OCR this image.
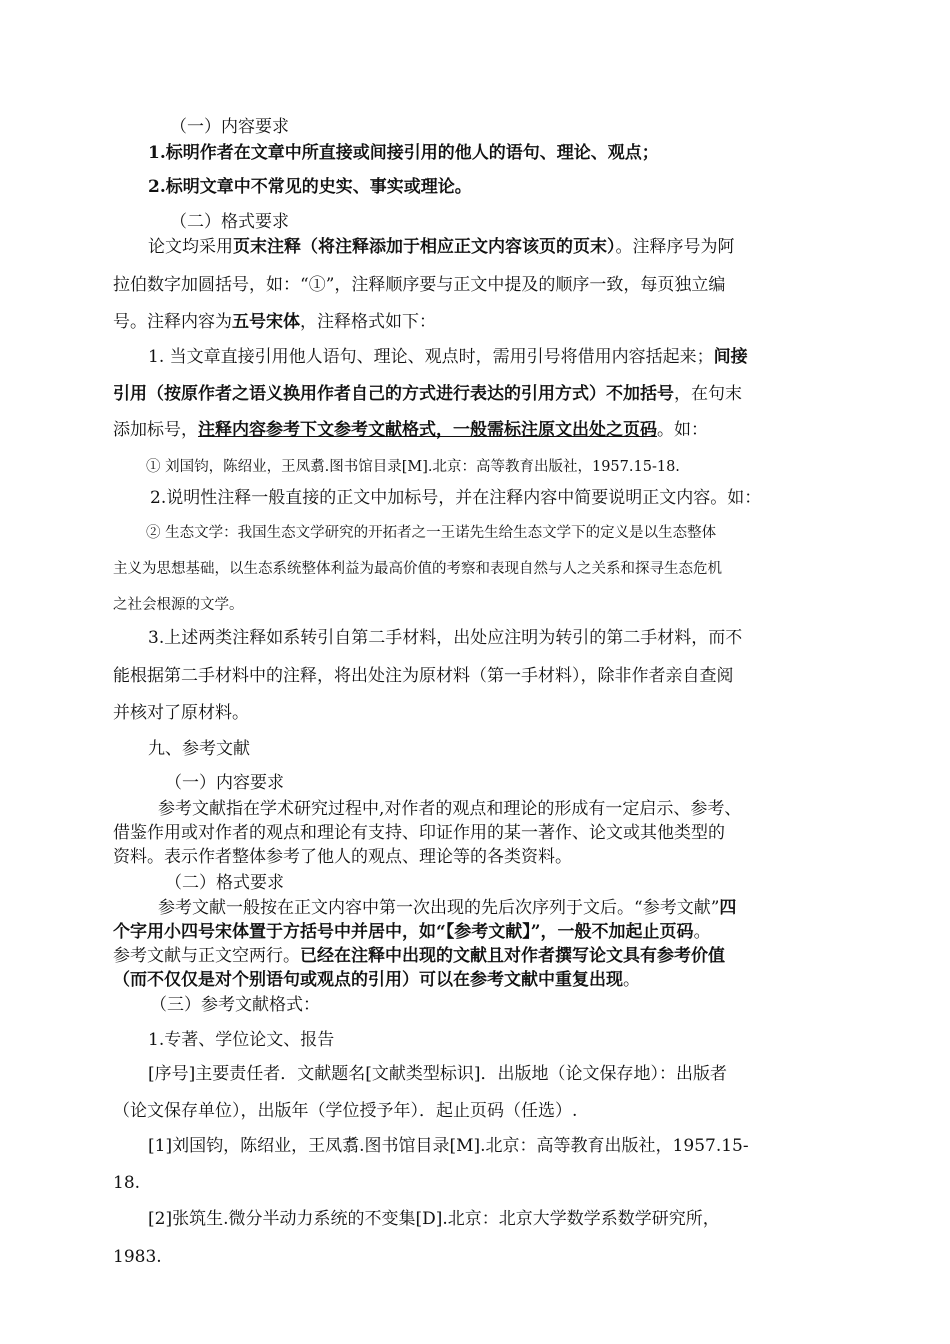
（一）内容要求
1.标明作者在文章中所直接或间接引用的他人的语句、理论、观点；
2.标明文章中不常见的史实、事实或理论。
（二）格式要求
论文均采用页末注释（将注释添加于相应正文内容该页的页末）。注释序号为阿
拉伯数字加圆括号，如：“①”，注释顺序要与正文中提及的顺序一致，每页独立编
号。注释内容为五号宋体，注释格式如下：
1. 当文章直接引用他人语句、理论、观点时，需用引号将借用内容括起来；间接
引用（按原作者之语义换用作者自己的方式进行表达的引用方式）不加括号，在句末
添加标号，注释内容参考下文参考文献格式，一般需标注原文出处之页码。如：
① 刘国钧，陈绍业，王凤翥.图书馆目录[M].北京：高等教育出版社，1957.15-18.
2.说明性注释一般直接的正文中加标号，并在注释内容中简要说明正文内容。如：
② 生态文学：我国生态文学研究的开拓者之一王诺先生给生态文学下的定义是以生态整体
主义为思想基础，以生态系统整体利益为最高价值的考察和表现自然与人之关系和探寻生态危机
之社会根源的文学。
3.上述两类注释如系转引自第二手材料，出处应注明为转引的第二手材料，而不
能根据第二手材料中的注释，将出处注为原材料（第一手材料），除非作者亲自查阅
并核对了原材料。
九、参考文献
（一）内容要求
参考文献指在学术研究过程中,对作者的观点和理论的形成有一定启示、参考、
借鉴作用或对作者的观点和理论有支持、印证作用的某一著作、论文或其他类型的
资料。表示作者整体参考了他人的观点、理论等的各类资料。
（二）格式要求
参考文献一般按在正文内容中第一次出现的先后次序列于文后。“参考文献”四
个字用小四号宋体置于方括号中并居中，如“【参考文献】”，一般不加起止页码。
参考文献与正文空两行。已经在注释中出现的文献且对作者撰写论文具有参考价值
（而不仅仅是对个别语句或观点的引用）可以在参考文献中重复出现。
（三）参考文献格式：
1.专著、学位论文、报告
[序号]主要责任者．文献题名[文献类型标识]．出版地（论文保存地）：出版者
（论文保存单位），出版年（学位授予年）．起止页码（任选）.
[1]刘国钧，陈绍业，王凤翥.图书馆目录[M].北京：高等教育出版社，1957.15-
18.
[2]张筑生.微分半动力系统的不变集[D].北京：北京大学数学系数学研究所，
1983.
